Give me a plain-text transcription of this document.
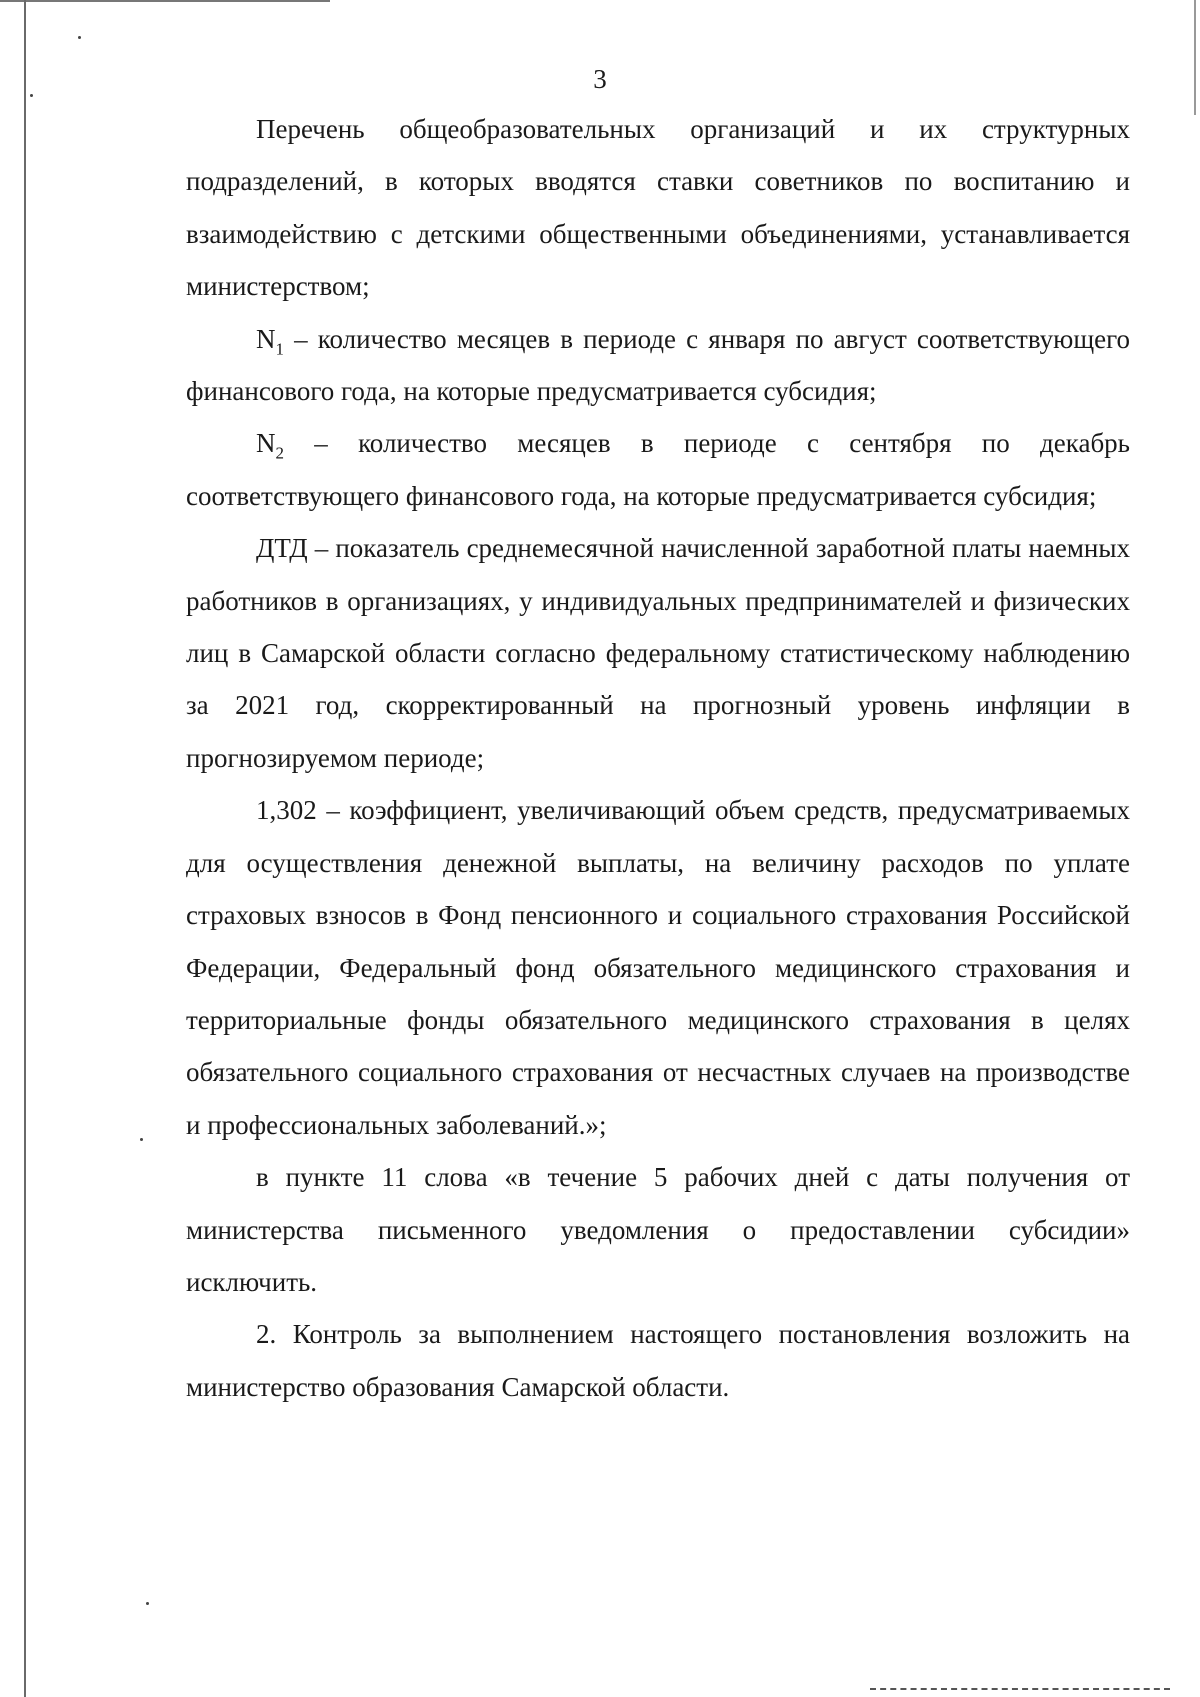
3

Перечень общеобразовательных организаций и их структурных подразделений, в которых вводятся ставки советников по воспитанию и взаимодействию с детскими общественными объединениями, устанавливается министерством;

$N_1$ – количество месяцев в периоде с января по август соответствующего финансового года, на которые предусматривается субсидия;

$N_2$ – количество месяцев в периоде с сентября по декабрь соответствующего финансового года, на которые предусматривается субсидия;

ДТД – показатель среднемесячной начисленной заработной платы наемных работников в организациях, у индивидуальных предпринимателей и физических лиц в Самарской области согласно федеральному статистическому наблюдению за 2021 год, скорректированный на прогнозный уровень инфляции в прогнозируемом периоде;

1,302 – коэффициент, увеличивающий объем средств, предусматриваемых для осуществления денежной выплаты, на величину расходов по уплате страховых взносов в Фонд пенсионного и социального страхования Российской Федерации, Федеральный фонд обязательного медицинского страхования и территориальные фонды обязательного медицинского страхования в целях обязательного социального страхования от несчастных случаев на производстве и профессиональных заболеваний.»;

в пункте 11 слова «в течение 5 рабочих дней с даты получения от министерства письменного уведомления о предоставлении субсидии» исключить.

2. Контроль за выполнением настоящего постановления возложить на министерство образования Самарской области.
